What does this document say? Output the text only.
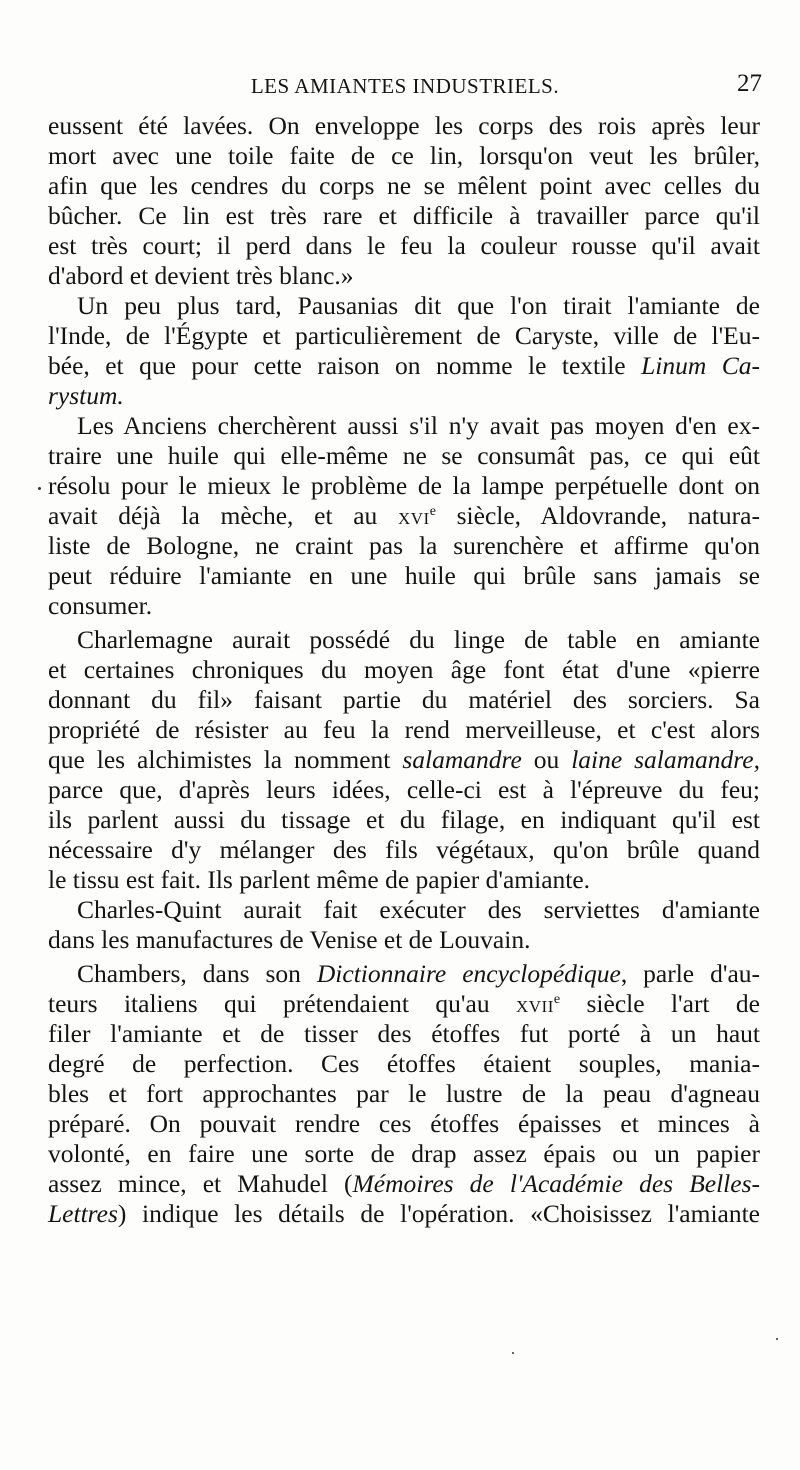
LES AMIANTES INDUSTRIELS.	27
eussent été lavées. On enveloppe les corps des rois après leur
mort avec une toile faite de ce lin, lorsqu'on veut les brûler,
afin que les cendres du corps ne se mêlent point avec celles du
bûcher. Ce lin est très rare et difficile à travailler parce qu'il
est très court; il perd dans le feu la couleur rousse qu'il avait
d'abord et devient très blanc.»
Un peu plus tard, Pausanias dit que l'on tirait l'amiante de
l'Inde, de l'Égypte et particulièrement de Caryste, ville de l'Eu-
bée, et que pour cette raison on nomme le textile Linum Ca-
rystum.
Les Anciens cherchèrent aussi s'il n'y avait pas moyen d'en ex-
traire une huile qui elle-même ne se consumât pas, ce qui eût
résolu pour le mieux le problème de la lampe perpétuelle dont on
avait déjà la mèche, et au XVIe siècle, Aldovrande, natura-
liste de Bologne, ne craint pas la surenchère et affirme qu'on
peut réduire l'amiante en une huile qui brûle sans jamais se
consumer.
Charlemagne aurait possédé du linge de table en amiante
et certaines chroniques du moyen âge font état d'une «pierre
donnant du fil» faisant partie du matériel des sorciers. Sa
propriété de résister au feu la rend merveilleuse, et c'est alors
que les alchimistes la nomment salamandre ou laine salamandre,
parce que, d'après leurs idées, celle-ci est à l'épreuve du feu;
ils parlent aussi du tissage et du filage, en indiquant qu'il est
nécessaire d'y mélanger des fils végétaux, qu'on brûle quand
le tissu est fait. Ils parlent même de papier d'amiante.
Charles-Quint aurait fait exécuter des serviettes d'amiante
dans les manufactures de Venise et de Louvain.
Chambers, dans son Dictionnaire encyclopédique, parle d'au-
teurs italiens qui prétendaient qu'au XVIIe siècle l'art de
filer l'amiante et de tisser des étoffes fut porté à un haut
degré de perfection. Ces étoffes étaient souples, mania-
bles et fort approchantes par le lustre de la peau d'agneau
préparé. On pouvait rendre ces étoffes épaisses et minces à
volonté, en faire une sorte de drap assez épais ou un papier
assez mince, et Mahudel (Mémoires de l'Académie des Belles-
Lettres) indique les détails de l'opération. «Choisissez l'amiante
